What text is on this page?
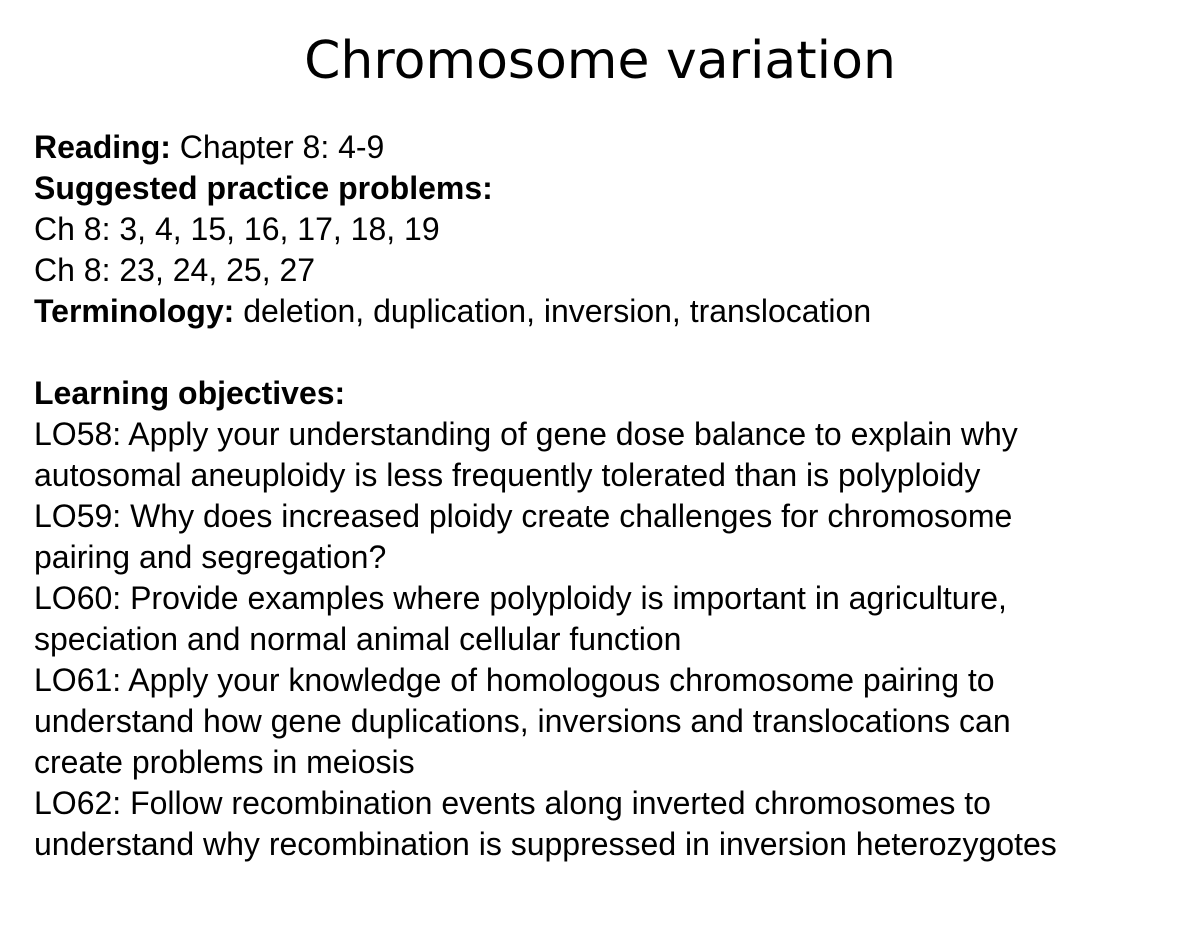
Chromosome variation

Reading: Chapter 8: 4-9

Suggested practice problems:

Ch 8: 3, 4, 15, 16, 17, 18, 19

Ch 8: 23, 24, 25, 27

Terminology: deletion, duplication, inversion, translocation

Learning objectives:

LO58: Apply your understanding of gene dose balance to explain why

autosomal aneuploidy is less frequently tolerated than is polyploidy

LO59: Why does increased ploidy create challenges for chromosome

pairing and segregation?

LO60: Provide examples where polyploidy is important in agriculture,

speciation and normal animal cellular function

LO61: Apply your knowledge of homologous chromosome pairing to

understand how gene duplications, inversions and translocations can

create problems in meiosis

LO62: Follow recombination events along inverted chromosomes to

understand why recombination is suppressed in inversion heterozygotes
